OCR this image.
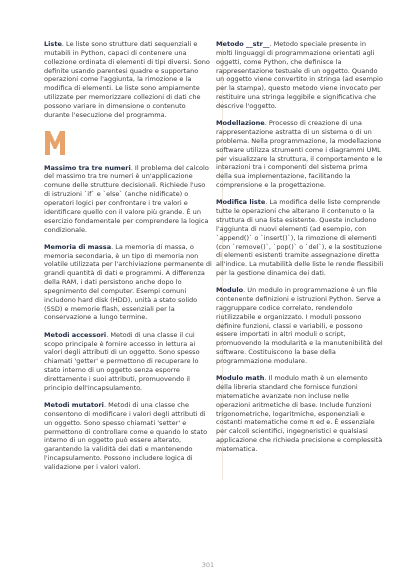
Liste. Le liste sono strutture dati sequenziali e mutabili in Python, capaci di contenere una collezione ordinata di elementi di tipi diversi. Sono definite usando parentesi quadre e supportano operazioni come l'aggiunta, la rimozione e la modifica di elementi. Le liste sono ampiamente utilizzate per memorizzare collezioni di dati che possono variare in dimensione o contenuto durante l'esecuzione del programma.

Massimo tra tre numeri. Il problema del calcolo del massimo tra tre numeri è un'applicazione comune delle strutture decisionali. Richiede l'uso di istruzioni `if` e `else` (anche nidificate) o operatori logici per confrontare i tre valori e identificare quello con il valore più grande. È un esercizio fondamentale per comprendere la logica condizionale.

Memoria di massa. La memoria di massa, o memoria secondaria, è un tipo di memoria non volatile utilizzata per l'archiviazione permanente di grandi quantità di dati e programmi. A differenza della RAM, i dati persistono anche dopo lo spegnimento del computer. Esempi comuni includono hard disk (HDD), unità a stato solido (SSD) e memorie flash, essenziali per la conservazione a lungo termine.

Metodi accessori. Metodi di una classe il cui scopo principale è fornire accesso in lettura ai valori degli attributi di un oggetto. Sono spesso chiamati 'getter' e permettono di recuperare lo stato interno di un oggetto senza esporre direttamente i suoi attributi, promuovendo il principio dell'incapsulamento.

Metodi mutatori. Metodi di una classe che consentono di modificare i valori degli attributi di un oggetto. Sono spesso chiamati 'setter' e permettono di controllare come e quando lo stato interno di un oggetto può essere alterato, garantendo la validità dei dati e mantenendo l'incapsulamento. Possono includere logica di validazione per i valori valori.

Metodo __str__. Metodo speciale presente in molti linguaggi di programmazione orientati agli oggetti, come Python, che definisce la rappresentazione testuale di un oggetto. Quando un oggetto viene convertito in stringa (ad esempio per la stampa), questo metodo viene invocato per restituire una stringa leggibile e significativa che descrive l'oggetto.

Modellazione. Processo di creazione di una rappresentazione astratta di un sistema o di un problema. Nella programmazione, la modellazione software utilizza strumenti come i diagrammi UML per visualizzare la struttura, il comportamento e le interazioni tra i componenti del sistema prima della sua implementazione, facilitando la comprensione e la progettazione.

Modifica liste. La modifica delle liste comprende tutte le operazioni che alterano il contenuto o la struttura di una lista esistente. Queste includono l'aggiunta di nuovi elementi (ad esempio, con `append()` o `insert()`), la rimozione di elementi (con `remove()`, `pop()` o `del`), e la sostituzione di elementi esistenti tramite assegnazione diretta all'indice. La mutabilità delle liste le rende flessibili per la gestione dinamica dei dati.

Modulo. Un modulo in programmazione è un file contenente definizioni e istruzioni Python. Serve a raggruppare codice correlato, rendendolo riutilizzabile e organizzato. I moduli possono definire funzioni, classi e variabili, e possono essere importati in altri moduli o script, promuovendo la modularità e la manutenibilità del software. Costituiscono la base della programmazione modulare.

Modulo math. Il modulo math è un elemento della libreria standard che fornisce funzioni matematiche avanzate non incluse nelle operazioni aritmetiche di base. Include funzioni trigonometriche, logaritmiche, esponenziali e costanti matematiche come π ed e. È essenziale per calcoli scientifici, ingegneristici e qualsiasi applicazione che richieda precisione e complessità matematica.

301
